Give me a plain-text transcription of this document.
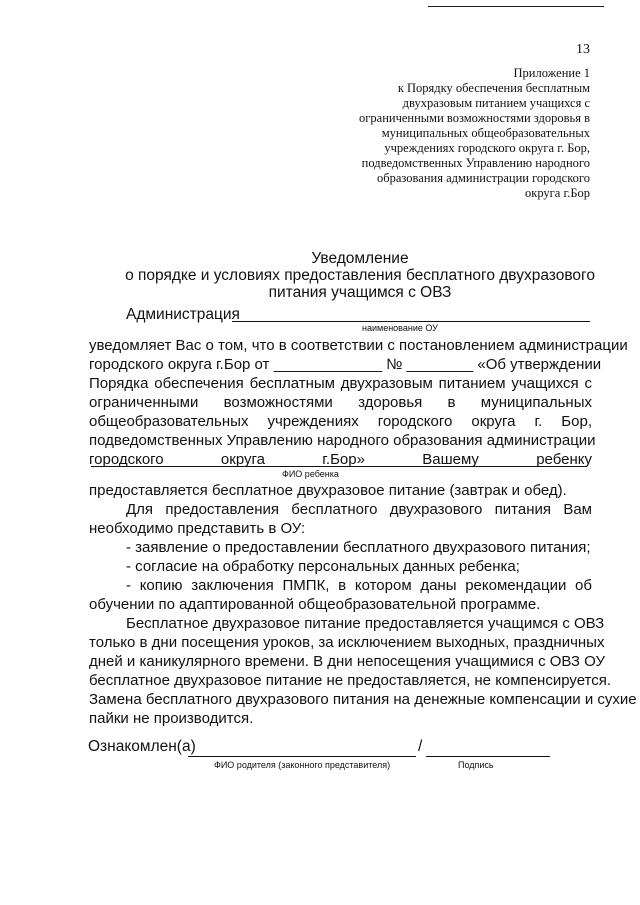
13
Приложение 1
к Порядку обеспечения бесплатным
двухразовым питанием учащихся с
ограниченными возможностями здоровья в
муниципальных общеобразовательных
учреждениях городского округа г. Бор,
подведомственных Управлению народного
образования администрации городского
округа г.Бор
Уведомление
о порядке и условиях предоставления бесплатного двухразового
питания учащимся с ОВЗ
Администрация
наименование ОУ
уведомляет Вас о том, что в соответствии с постановлением администрации
городского округа г.Бор от _____________ № ________ «Об утверждении
Порядка обеспечения бесплатным двухразовым питанием учащихся с
ограниченными возможностями здоровья в муниципальных
общеобразовательных учреждениях городского округа г. Бор,
подведомственных Управлению народного образования администрации
городского округа г.Бор» Вашему ребенку
ФИО ребенка
предоставляется бесплатное двухразовое питание (завтрак и обед).
Для предоставления бесплатного двухразового питания Вам
необходимо представить в ОУ:
- заявление о предоставлении бесплатного двухразового питания;
- согласие на обработку персональных данных ребенка;
- копию заключения ПМПК, в котором даны рекомендации об
обучении по адаптированной общеобразовательной программе.
Бесплатное двухразовое питание предоставляется учащимся с ОВЗ
только в дни посещения уроков, за исключением выходных, праздничных
дней и каникулярного времени. В дни непосещения учащимися с ОВЗ ОУ
бесплатное двухразовое питание не предоставляется, не компенсируется.
Замена бесплатного двухразового питания на денежные компенсации и сухие
пайки не производится.
Ознакомлен(а)	/
ФИО родителя (законного представителя)	Подпись
